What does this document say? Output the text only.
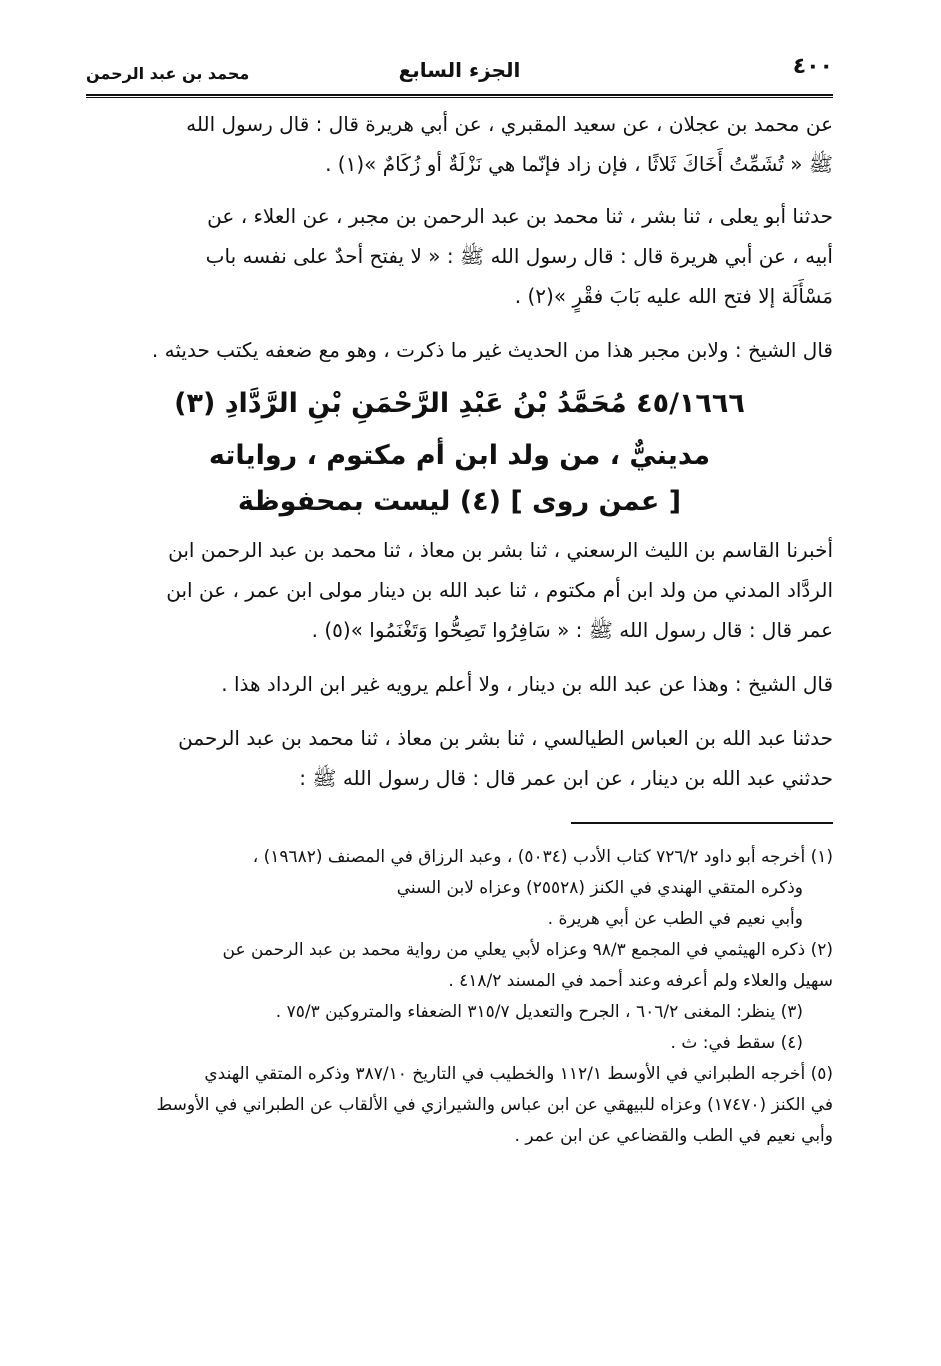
٤٠٠
الجزء السابع
محمد بن عبد الرحمن
عن محمد بن عجلان ، عن سعيد المقبري ، عن أبي هريرة قال : قال رسول الله
ﷺ « تُشَمِّتُ أَخَاكَ ثَلاثًا ، فإن زاد فإنّما هي نَزْلَةٌ أو زُكَامٌ »(١) .
حدثنا أبو يعلى ، ثنا بشر ، ثنا محمد بن عبد الرحمن بن مجبر ، عن العلاء ، عن
أبيه ، عن أبي هريرة قال : قال رسول الله ﷺ : « لا يفتح أحدٌ على نفسه باب
مَسْأَلَة إلا فتح الله عليه بَابَ فقْرٍ »(٢) .
قال الشيخ : ولابن مجبر هذا من الحديث غير ما ذكرت ، وهو مع ضعفه يكتب حديثه .
٤٥/١٦٦٦ مُحَمَّدُ بْنُ عَبْدِ الرَّحْمَنِ بْنِ الرَّدَّادِ (٣)
مدينيٌّ ، من ولد ابن أم مكتوم ، رواياته
[ عمن روى ] (٤) ليست بمحفوظة
أخبرنا القاسم بن الليث الرسعني ، ثنا بشر بن معاذ ، ثنا محمد بن عبد الرحمن ابن
الردَّاد المدني من ولد ابن أم مكتوم ، ثنا عبد الله بن دينار مولى ابن عمر ، عن ابن
عمر قال : قال رسول الله ﷺ : « سَافِرُوا تَصِحُّوا وَتَغْنَمُوا »(٥) .
قال الشيخ : وهذا عن عبد الله بن دينار ، ولا أعلم يرويه غير ابن الرداد هذا .
حدثنا عبد الله بن العباس الطيالسي ، ثنا بشر بن معاذ ، ثنا محمد بن عبد الرحمن
حدثني عبد الله بن دينار ، عن ابن عمر قال : قال رسول الله ﷺ :
(١) أخرجه أبو داود ٧٢٦/٢ كتاب الأدب (٥٠٣٤) ، وعبد الرزاق في المصنف (١٩٦٨٢) ،
وذكره المتقي الهندي في الكنز (٢٥٥٢٨) وعزاه لابن السني
وأبي نعيم في الطب عن أبي هريرة .
(٢) ذكره الهيثمي في المجمع ٩٨/٣ وعزاه لأبي يعلي من رواية محمد بن عبد الرحمن عن
سهيل والعلاء ولم أعرفه وعند أحمد في المسند ٤١٨/٢ .
(٣) ينظر: المغنى ٦٠٦/٢ ، الجرح والتعديل ٣١٥/٧ الضعفاء والمتروكين ٧٥/٣ .
(٤) سقط في: ث .
(٥) أخرجه الطبراني في الأوسط ١١٢/١ والخطيب في التاريخ ٣٨٧/١٠ وذكره المتقي الهندي
في الكنز (١٧٤٧٠) وعزاه للبيهقي عن ابن عباس والشيرازي في الألقاب عن الطبراني في الأوسط
وأبي نعيم في الطب والقضاعي عن ابن عمر .
